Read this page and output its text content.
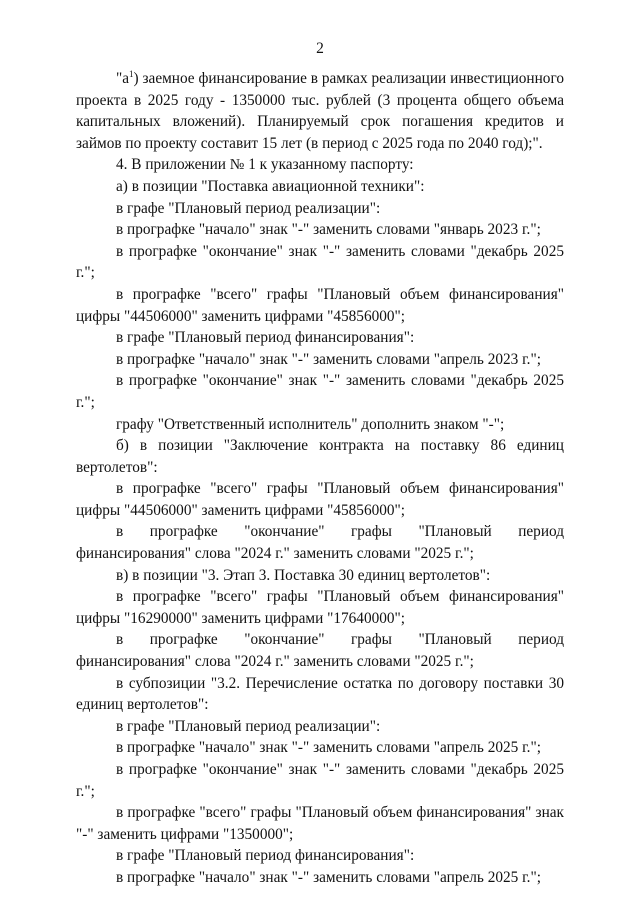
2

"$а^1$) заемное финансирование в рамках реализации инвестиционного проекта в 2025 году - 1350000 тыс. рублей (3 процента общего объема капитальных вложений). Планируемый срок погашения кредитов и займов по проекту составит 15 лет (в период с 2025 года по 2040 год);".

4. В приложении № 1 к указанному паспорту:

а) в позиции "Поставка авиационной техники":

в графе "Плановый период реализации":

в прографке "начало" знак "-" заменить словами "январь 2023 г.";

в прографке "окончание" знак "-" заменить словами "декабрь 2025 г.";

в прографке "всего" графы "Плановый объем финансирования" цифры "44506000" заменить цифрами "45856000";

в графе "Плановый период финансирования":

в прографке "начало" знак "-" заменить словами "апрель 2023 г.";

в прографке "окончание" знак "-" заменить словами "декабрь 2025 г.";

графу "Ответственный исполнитель" дополнить знаком "-";

б) в позиции "Заключение контракта на поставку 86 единиц вертолетов":

в прографке "всего" графы "Плановый объем финансирования" цифры "44506000" заменить цифрами "45856000";

в прографке "окончание" графы "Плановый период финансирования" слова "2024 г." заменить словами "2025 г.";

в) в позиции "3. Этап 3. Поставка 30 единиц вертолетов":

в прографке "всего" графы "Плановый объем финансирования" цифры "16290000" заменить цифрами "17640000";

в прографке "окончание" графы "Плановый период финансирования" слова "2024 г." заменить словами "2025 г.";

в субпозиции "3.2. Перечисление остатка по договору поставки 30 единиц вертолетов":

в графе "Плановый период реализации":

в прографке "начало" знак "-" заменить словами "апрель 2025 г.";

в прографке "окончание" знак "-" заменить словами "декабрь 2025 г.";

в прографке "всего" графы "Плановый объем финансирования" знак "-" заменить цифрами "1350000";

в графе "Плановый период финансирования":

в прографке "начало" знак "-" заменить словами "апрель 2025 г.";
